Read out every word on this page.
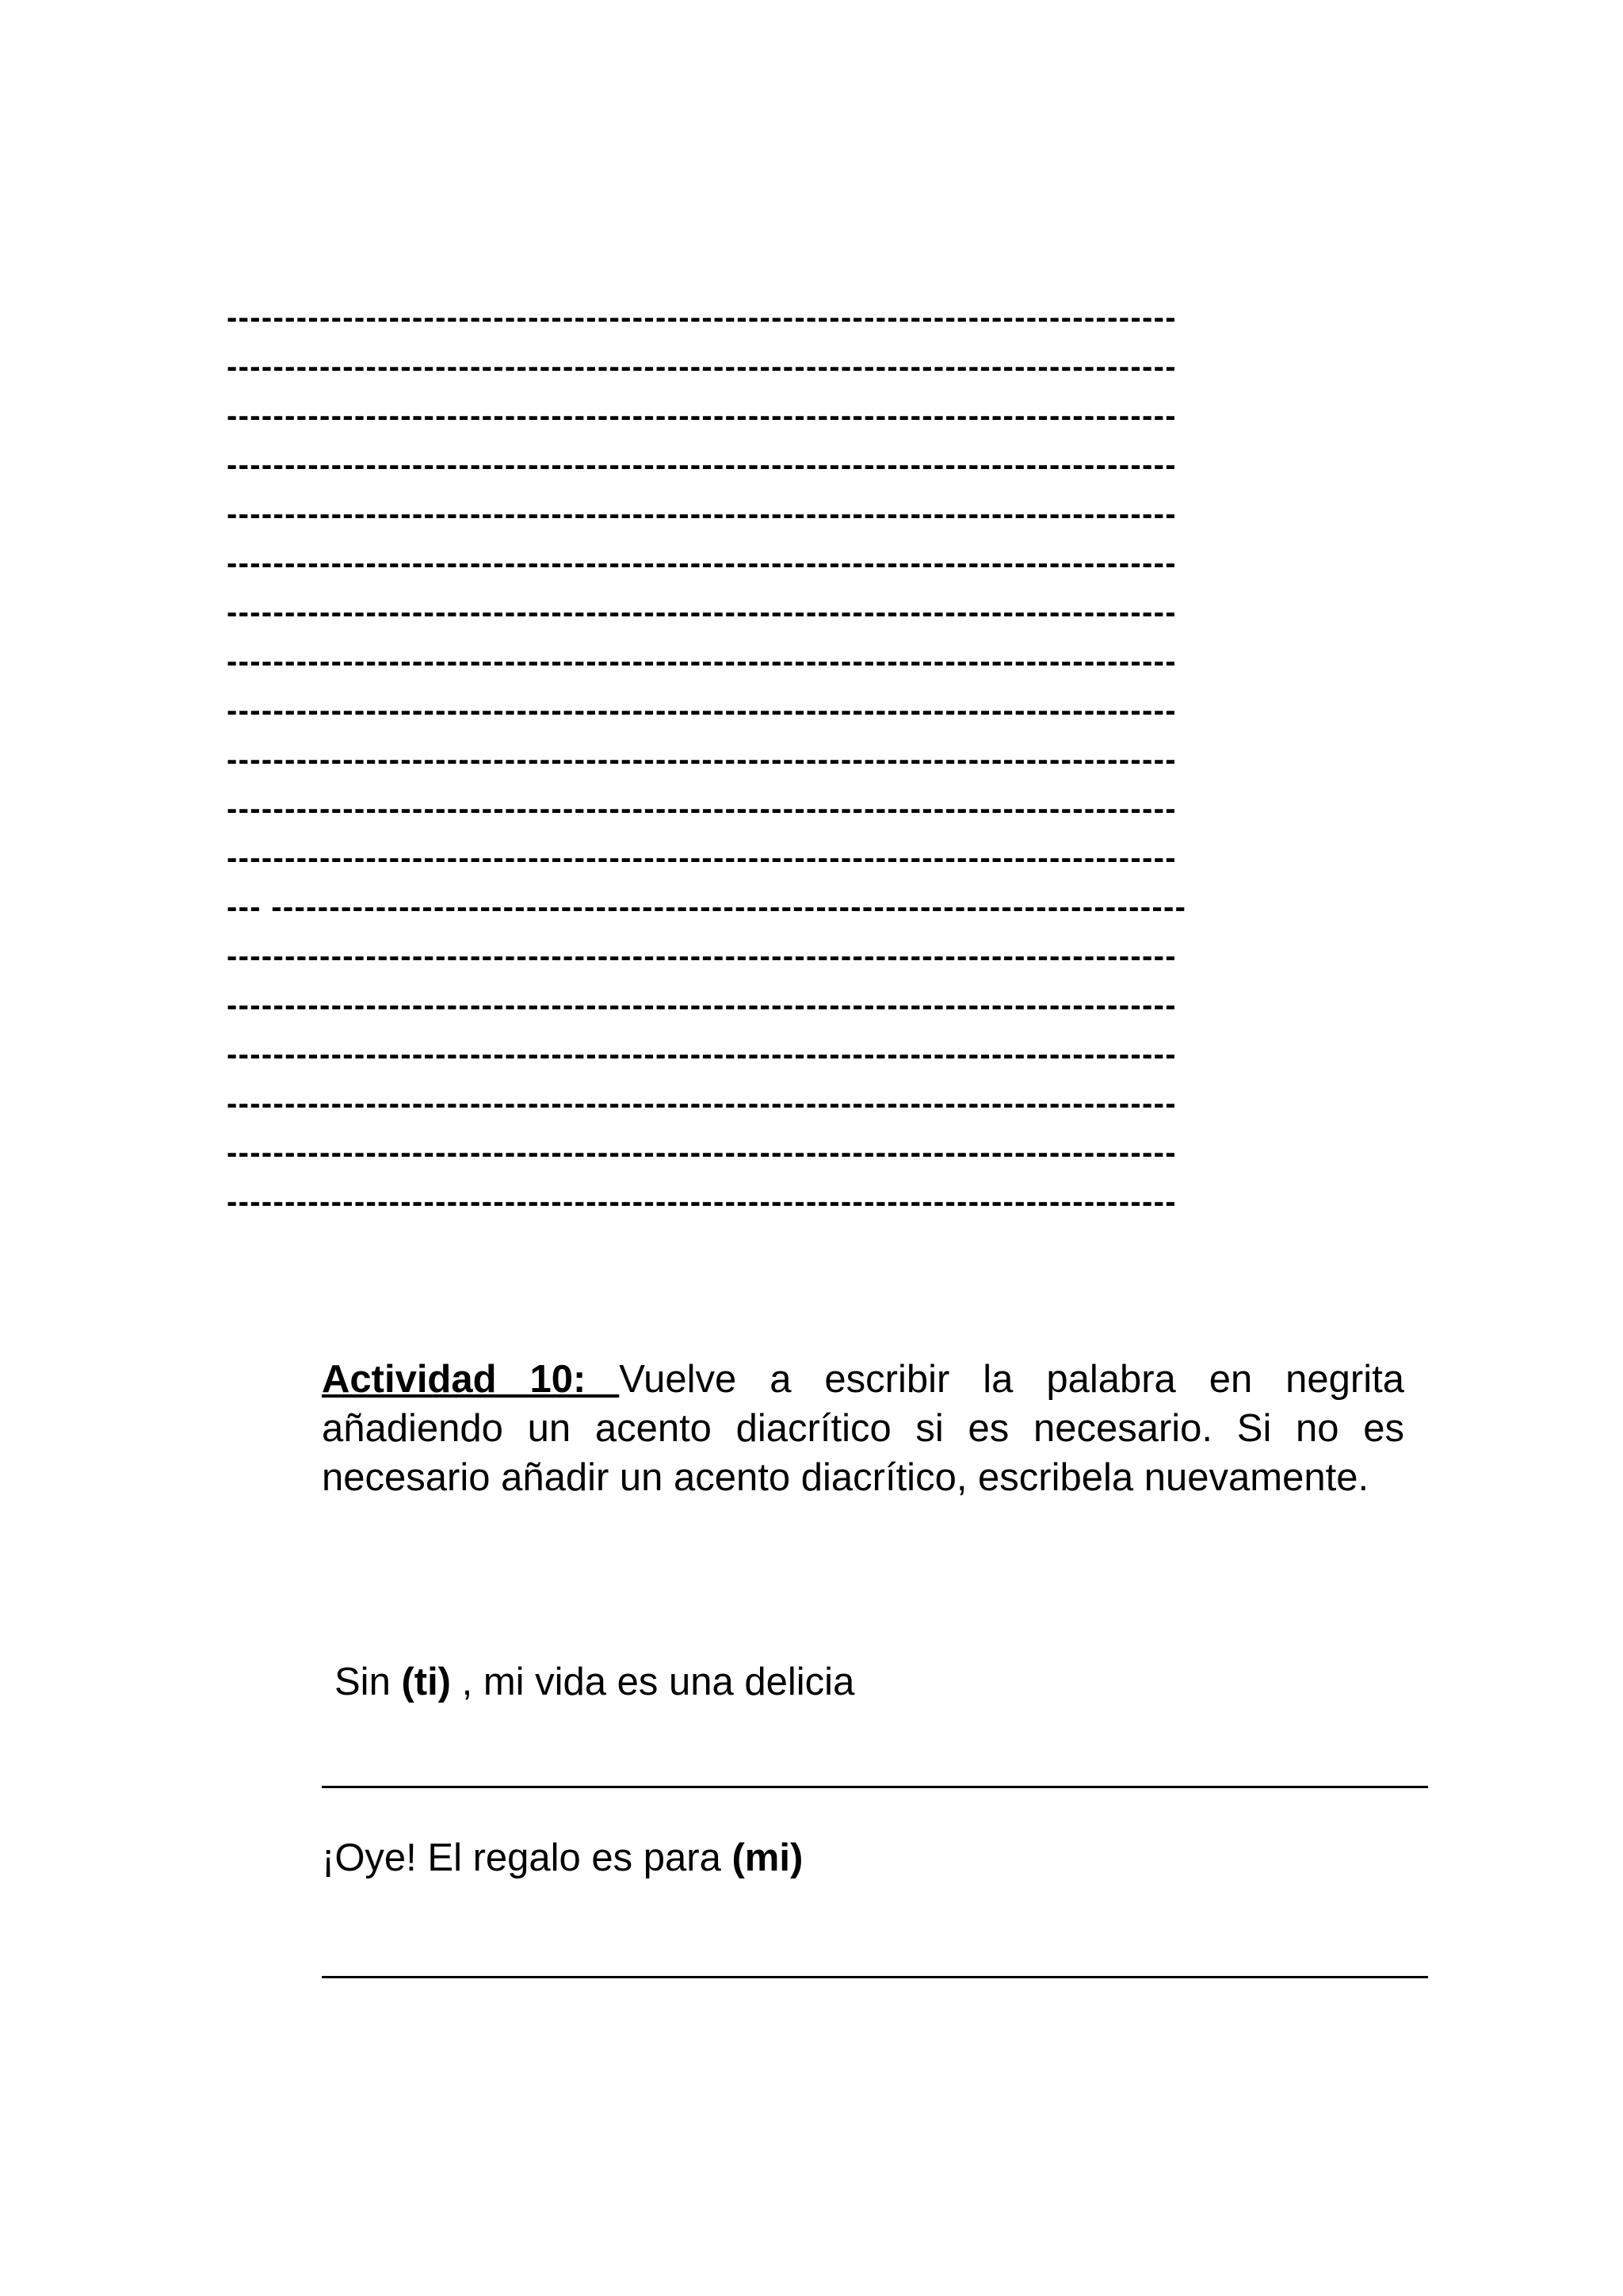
----------------------------------------------------------------------------------
----------------------------------------------------------------------------------
----------------------------------------------------------------------------------
----------------------------------------------------------------------------------
----------------------------------------------------------------------------------
----------------------------------------------------------------------------------
----------------------------------------------------------------------------------
----------------------------------------------------------------------------------
----------------------------------------------------------------------------------
----------------------------------------------------------------------------------
----------------------------------------------------------------------------------
----------------------------------------------------------------------------------
--- -------------------------------------------------------------------------------
----------------------------------------------------------------------------------
----------------------------------------------------------------------------------
----------------------------------------------------------------------------------
----------------------------------------------------------------------------------
----------------------------------------------------------------------------------
----------------------------------------------------------------------------------
Actividad 10: Vuelve a escribir la palabra en negrita añadiendo un acento diacrítico si es necesario. Si no es necesario añadir un acento diacrítico, escribela nuevamente.
Sin (ti) , mi vida es una delicia
¡Oye! El regalo es para (mi)
